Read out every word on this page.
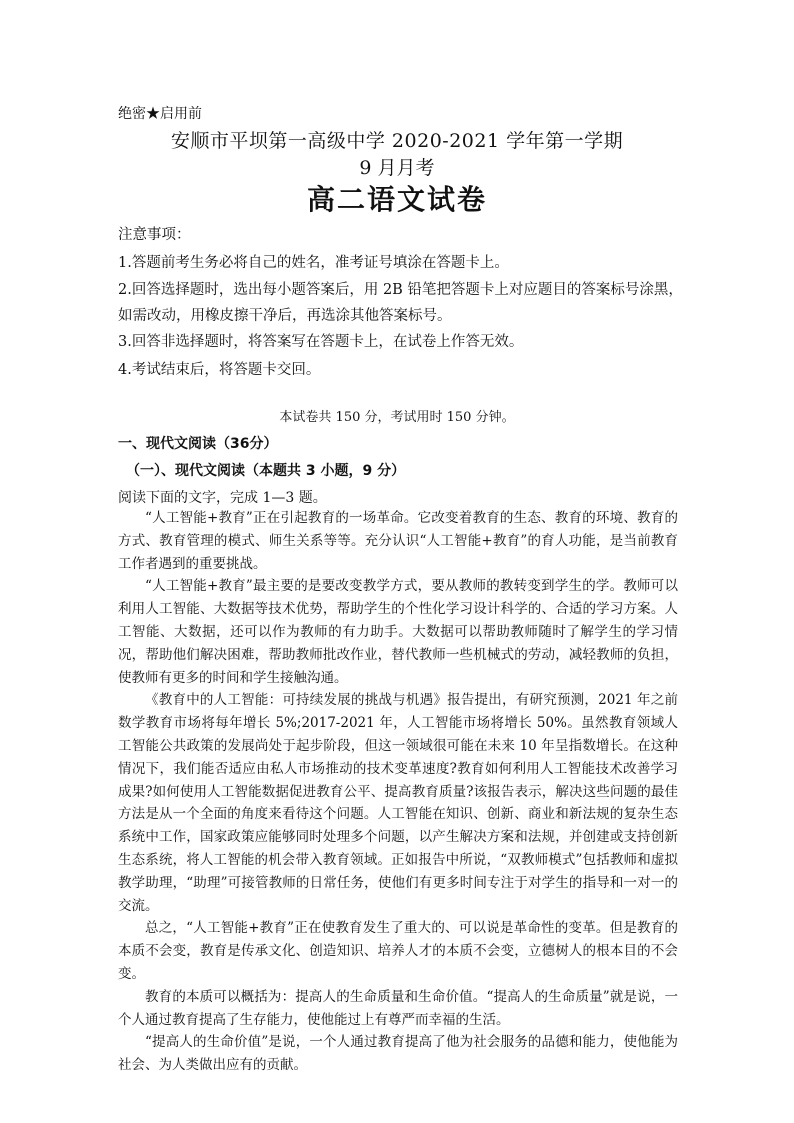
绝密★启用前
安顺市平坝第一高级中学 2020-2021 学年第一学期
9 月月考
高二语文试卷
注意事项：
1.答题前考生务必将自己的姓名，准考证号填涂在答题卡上。
2.回答选择题时，选出每小题答案后，用 2B 铅笔把答题卡上对应题目的答案标号涂黑，如需改动，用橡皮擦干净后，再选涂其他答案标号。
3.回答非选择题时，将答案写在答题卡上，在试卷上作答无效。
4.考试结束后，将答题卡交回。
本试卷共 150 分，考试用时 150 分钟。
一、现代文阅读（36分）
（一）、现代文阅读（本题共 3 小题，9 分）
阅读下面的文字，完成 1—3 题。

“人工智能+教育”正在引起教育的一场革命。它改变着教育的生态、教育的环境、教育的方式、教育管理的模式、师生关系等等。充分认识“人工智能+教育”的育人功能，是当前教育工作者遇到的重要挑战。

“人工智能+教育”最主要的是要改变教学方式，要从教师的教转变到学生的学。教师可以利用人工智能、大数据等技术优势，帮助学生的个性化学习设计科学的、合适的学习方案。人工智能、大数据，还可以作为教师的有力助手。大数据可以帮助教师随时了解学生的学习情况，帮助他们解决困难，帮助教师批改作业，替代教师一些机械式的劳动，减轻教师的负担，使教师有更多的时间和学生接触沟通。

《教育中的人工智能：可持续发展的挑战与机遇》报告提出，有研究预测，2021 年之前数学教育市场将每年增长 5%;2017-2021 年，人工智能市场将增长 50%。虽然教育领域人工智能公共政策的发展尚处于起步阶段，但这一领域很可能在未来 10 年呈指数增长。在这种情况下，我们能否适应由私人市场推动的技术变革速度?教育如何利用人工智能技术改善学习成果?如何使用人工智能数据促进教育公平、提高教育质量?该报告表示，解决这些问题的最佳方法是从一个全面的角度来看待这个问题。人工智能在知识、创新、商业和新法规的复杂生态系统中工作，国家政策应能够同时处理多个问题，以产生解决方案和法规，并创建或支持创新生态系统，将人工智能的机会带入教育领域。正如报告中所说，“双教师模式”包括教师和虚拟教学助理，“助理”可接管教师的日常任务，使他们有更多时间专注于对学生的指导和一对一的交流。

总之，“人工智能+教育”正在使教育发生了重大的、可以说是革命性的变革。但是教育的本质不会变，教育是传承文化、创造知识、培养人才的本质不会变，立德树人的根本目的不会变。

教育的本质可以概括为：提高人的生命质量和生命价值。“提高人的生命质量”就是说，一个人通过教育提高了生存能力，使他能过上有尊严而幸福的生活。

“提高人的生命价值”是说，一个人通过教育提高了他为社会服务的品德和能力，使他能为社会、为人类做出应有的贡献。
